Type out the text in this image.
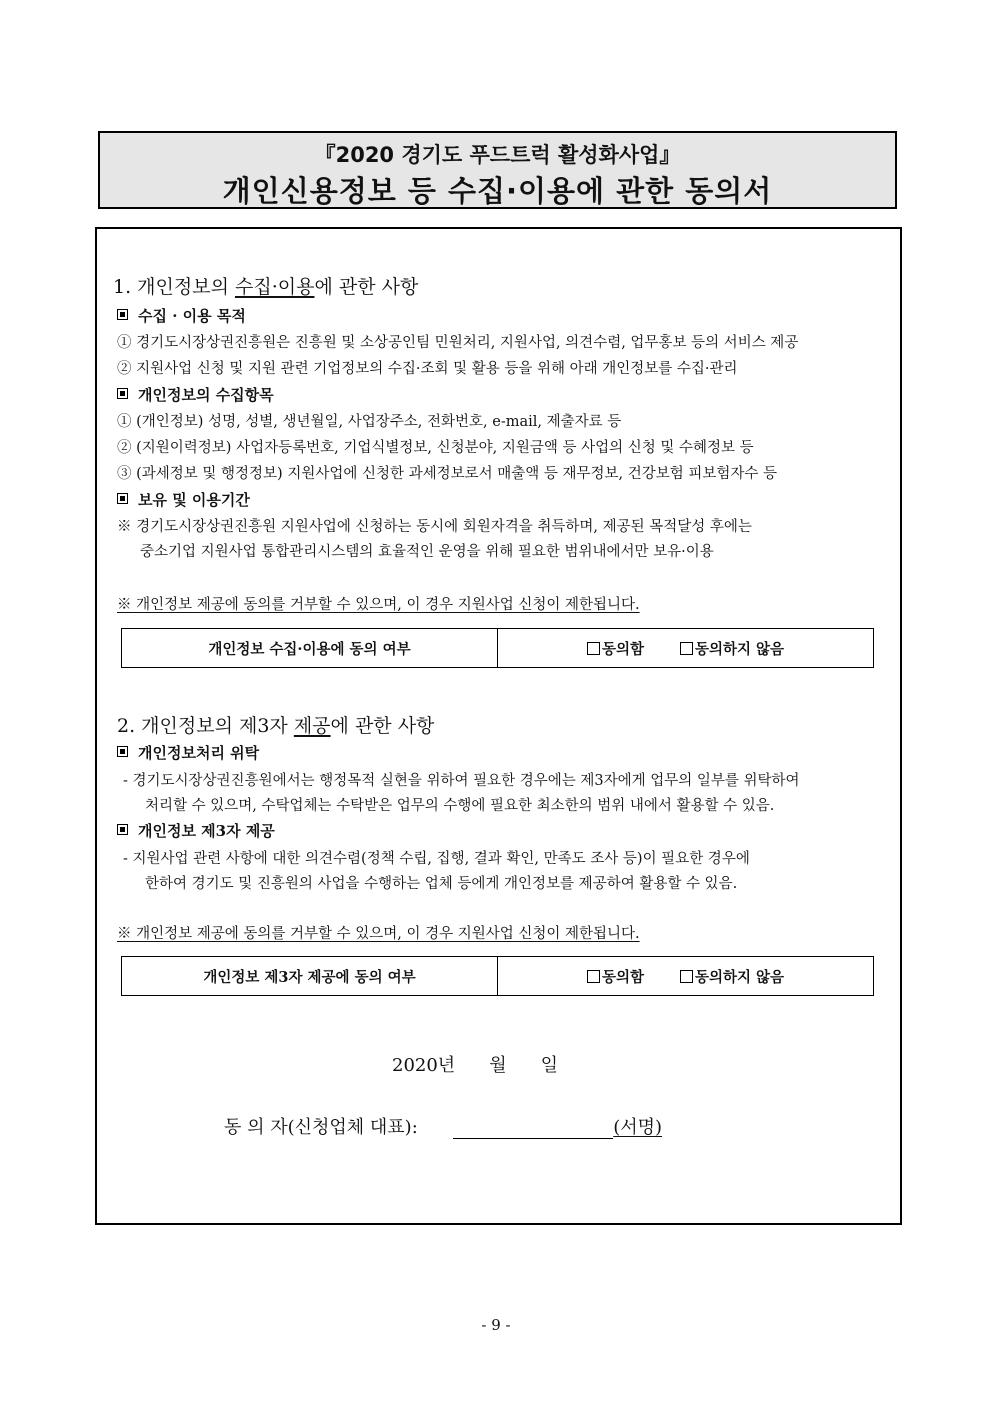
『2020 경기도 푸드트럭 활성화사업』
개인신용정보 등 수집·이용에 관한 동의서
1. 개인정보의 수집·이용에 관한 사항
수집 · 이용 목적
① 경기도시장상권진흥원은 진흥원 및 소상공인팀 민원처리, 지원사업, 의견수렴, 업무홍보 등의 서비스 제공
② 지원사업 신청 및 지원 관련 기업정보의 수집·조회 및 활용 등을 위해 아래 개인정보를 수집·관리
개인정보의 수집항목
① (개인정보) 성명, 성별, 생년월일, 사업장주소, 전화번호, e-mail, 제출자료 등
② (지원이력정보) 사업자등록번호, 기업식별정보, 신청분야, 지원금액 등 사업의 신청 및 수혜정보 등
③ (과세정보 및 행정정보) 지원사업에 신청한 과세정보로서 매출액 등 재무정보, 건강보험 피보험자수 등
보유 및 이용기간
※ 경기도시장상권진흥원 지원사업에 신청하는 동시에 회원자격을 취득하며, 제공된 목적달성 후에는
중소기업 지원사업 통합관리시스템의 효율적인 운영을 위해 필요한 범위내에서만 보유·이용
※ 개인정보 제공에 동의를 거부할 수 있으며, 이 경우 지원사업 신청이 제한됩니다.
개인정보 수집·이용에 동의 여부	동의함	동의하지 않음
2. 개인정보의 제3자 제공에 관한 사항
개인정보처리 위탁
- 경기도시장상권진흥원에서는 행정목적 실현을 위하여 필요한 경우에는 제3자에게 업무의 일부를 위탁하여
처리할 수 있으며, 수탁업체는 수탁받은 업무의 수행에 필요한 최소한의 범위 내에서 활용할 수 있음.
개인정보 제3자 제공
- 지원사업 관련 사항에 대한 의견수렴(정책 수립, 집행, 결과 확인, 만족도 조사 등)이 필요한 경우에
한하여 경기도 및 진흥원의 사업을 수행하는 업체 등에게 개인정보를 제공하여 활용할 수 있음.
※ 개인정보 제공에 동의를 거부할 수 있으며, 이 경우 지원사업 신청이 제한됩니다.
개인정보 제3자 제공에 동의 여부	동의함	동의하지 않음
2020년 월 일
동 의 자(신청업체 대표):	(서명)
- 9 -
